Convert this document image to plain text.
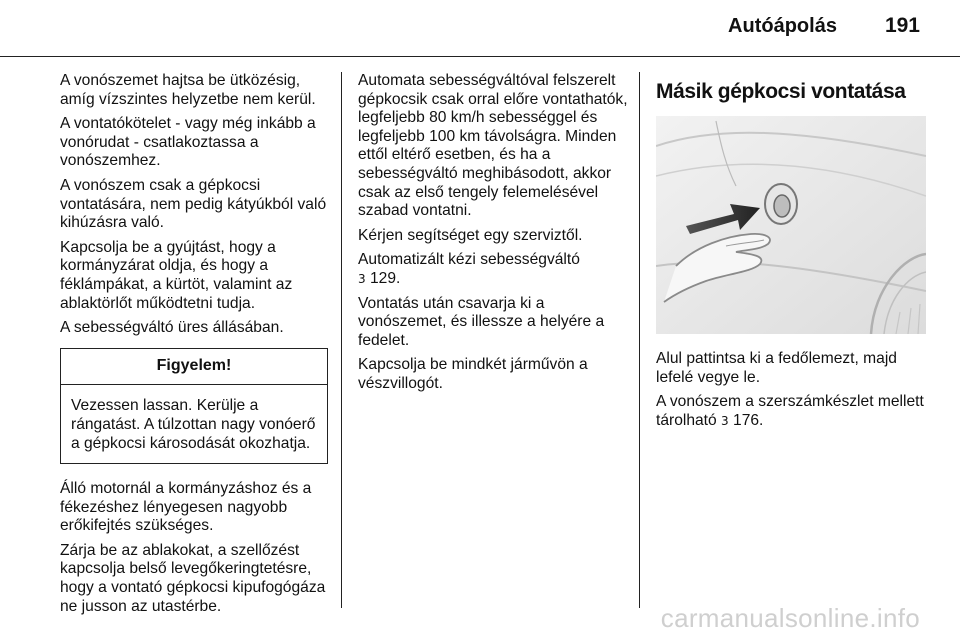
Autóápolás 191

A vonószemet hajtsa be ütközésig, amíg vízszintes helyzetbe nem kerül.

A vontatókötelet - vagy még inkább a vonórudat - csatlakoztassa a vonószemhez.

A vonószem csak a gépkocsi vontatására, nem pedig kátyúkból való kihúzásra való.

Kapcsolja be a gyújtást, hogy a kormányzárat oldja, és hogy a féklámpákat, a kürtöt, valamint az ablaktörlőt működtetni tudja.

A sebességváltó üres állásában.

Figyelem!
Vezessen lassan. Kerülje a rángatást. A túlzottan nagy vonóerő a gépkocsi károsodását okozhatja.

Álló motornál a kormányzáshoz és a fékezéshez lényegesen nagyobb erőkifejtés szükséges.

Zárja be az ablakokat, a szellőzést kapcsolja belső levegőkeringtetésre, hogy a vontató gépkocsi kipufogógáza ne jusson az utastérbe.

Automata sebességváltóval felszerelt gépkocsik csak orral előre vontathatók, legfeljebb 80 km/h sebességgel és legfeljebb 100 km távolságra. Minden ettől eltérő esetben, és ha a sebességváltó meghibásodott, akkor csak az első tengely felemelésével szabad vontatni.

Kérjen segítséget egy szerviztől.

Automatizált kézi sebességváltó
3 129.

Vontatás után csavarja ki a vonószemet, és illessze a helyére a fedelet.

Kapcsolja be mindkét járművön a vészvillogót.

Másik gépkocsi vontatása

Alul pattintsa ki a fedőlemezt, majd lefelé vegye le.

A vonószem a szerszámkészlet mellett tárolható 3 176.

carmanualsonline.info
